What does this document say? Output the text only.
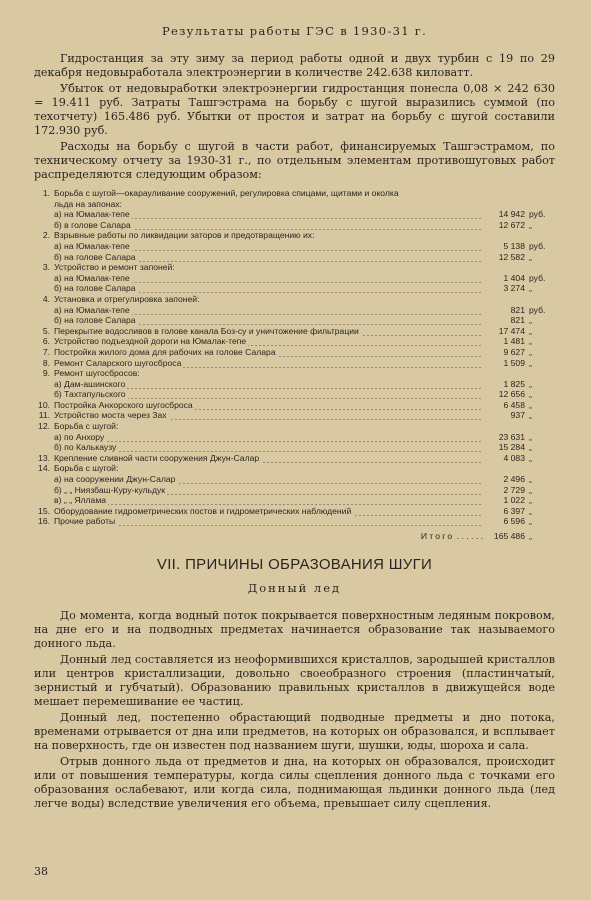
Результаты работы ГЭС в 1930-31 г.

Гидростанция за эту зиму за период работы одной и двух турбин с 19 по 29 декабря недовыработала электроэнергии в количестве 242.638 киловатт.

Убыток от недовыработки электроэнергии гидростанция понесла 0,08 × 242 630 = 19.411 руб. Затраты Ташгэстрама на борьбу с шугой выразились суммой (по техотчету) 165.486 руб. Убытки от простоя и затрат на борьбу с шугой составили 172.930 руб.

Расходы на борьбу с шугой в части работ, финансируемых Ташгэстрамом, по техническому отчету за 1930-31 г., по отдельным элементам противошуговых работ распределяются следующим образом:

1.	Борьба с шугой—окарауливание сооружений, регулировка спицами, щитами и околка		
	льда на запонах:		
	а) на Юмалак-тепе	14 942	руб.
	б) в голове Салара	12 672	„
2.	Взрывные работы по ликвидации заторов и предотвращению их:		
	а) на Юмалак-тепе	5 138	руб.
	б) на голове Салара	12 582	„
3.	Устройство и ремонт запоней:		
	а) на Юмалак-тепе	1 404	руб.
	б) на голове Салара	3 274	„
4.	Установка и отрегулировка запоней:		
	а) на Юмалак-тепе	821	руб.
	б) на голове Салара	821	„
5.	Перекрытие водосливов в голове канала Боз-су и уничтожение фильтрации	17 474	„
6.	Устройство подъездной дороги на Юмалак-тепе	1 481	„
7.	Постройка жилого дома для рабочих на голове Салара	9 627	„
8.	Ремонт Саларского шугосброса	1 509	„
9.	Ремонт шугосбросов:		
	а) Дам-ашинского	1 825	„
	б) Тахтапульского	12 656	„
10.	Постройка Анхорского шугосброса	6 458	„
11.	Устройство моста через Зах	937	„
12.	Борьба с шугой:		
	а) по Анхору	23 631	„
	б) по Калькаузу	15 284	„
13.	Крепление сливной части сооружения Джун-Салар	4 083	„
14.	Борьба с шугой:		
	а) на сооружении Джун-Салар	2 496	„
	б) „ „ Ниязбаш-Куру-кульдук	2 729	„
	в) „ „ Яллама	1 022	„
15.	Оборудование гидрометрических постов и гидрометрических наблюдений	6 397	„
16.	Прочие работы	6 596	„
	Итого . . . . . .	165 486	„
VII. ПРИЧИНЫ ОБРАЗОВАНИЯ ШУГИ
Донный лед

До момента, когда водный поток покрывается поверхностным ледяным покровом, на дне его и на подводных предметах начинается образование так называемого донного льда.

Донный лед составляется из неоформившихся кристаллов, зародышей кристаллов или центров кристаллизации, довольно своеобразного строения (пластинчатый, зернистый и губчатый). Образованию правильных кристаллов в движущейся воде мешает перемешивание ее частиц.

Донный лед, постепенно обрастающий подводные предметы и дно потока, временами отрывается от дна или предметов, на которых он образовался, и всплывает на поверхность, где он известен под названием шуги, шушки, юды, шороха и сала.

Отрыв донного льда от предметов и дна, на которых он образовался, происходит или от повышения температуры, когда силы сцепления донного льда с точками его образования ослабевают, или когда сила, поднимающая льдинки донного льда (лед легче воды) вследствие увеличения его объема, превышает силу сцепления.

38
